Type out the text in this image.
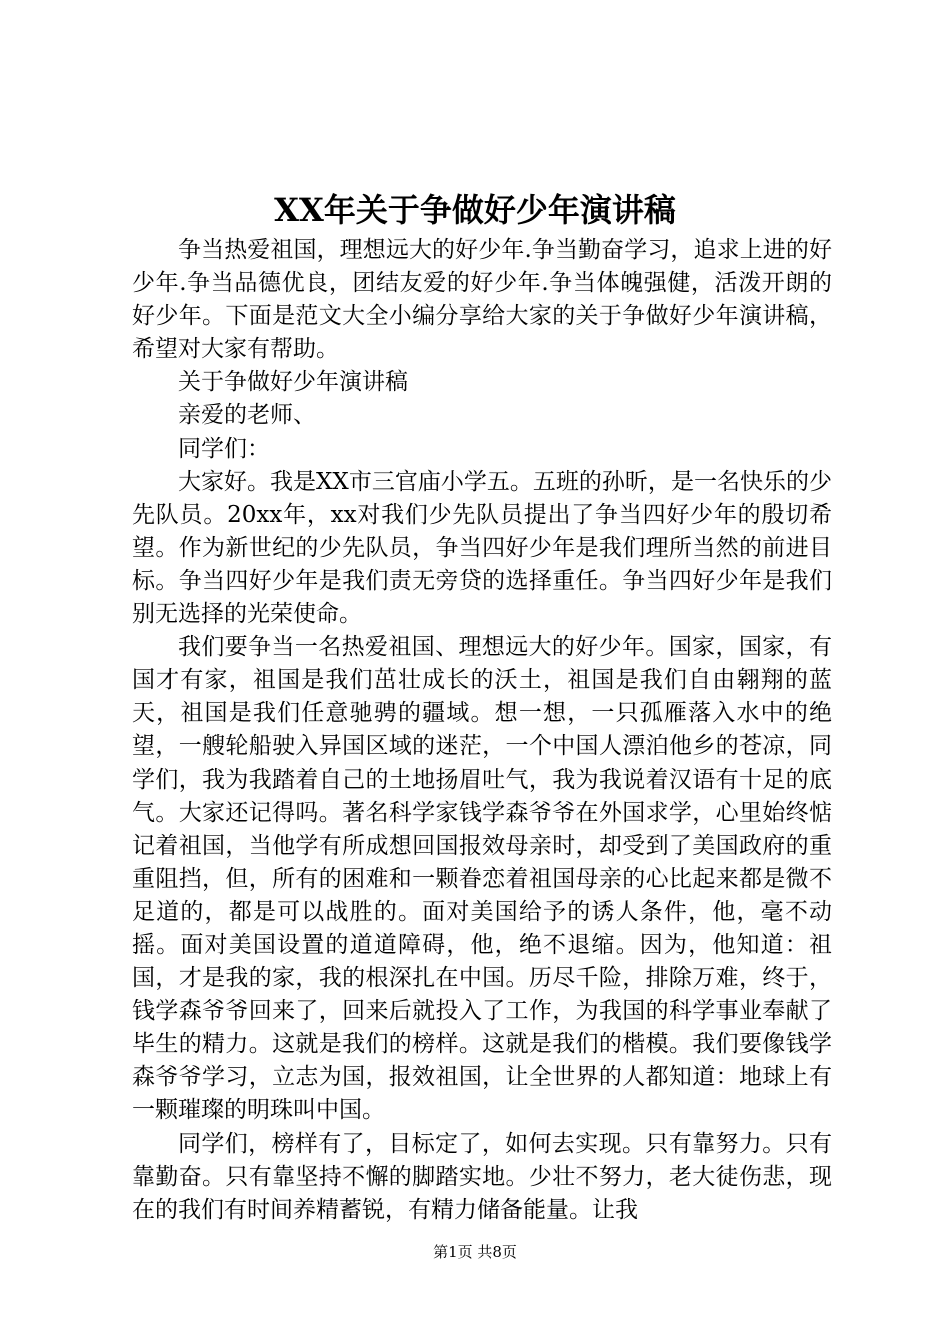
XX年关于争做好少年演讲稿

争当热爱祖国，理想远大的好少年.争当勤奋学习，追求上进的好少年.争当品德优良，团结友爱的好少年.争当体魄强健，活泼开朗的好少年。下面是范文大全小编分享给大家的关于争做好少年演讲稿，希望对大家有帮助。

关于争做好少年演讲稿

亲爱的老师、

同学们：

大家好。我是XX市三官庙小学五。五班的孙昕，是一名快乐的少先队员。20xx年，xx对我们少先队员提出了争当四好少年的殷切希望。作为新世纪的少先队员，争当四好少年是我们理所当然的前进目标。争当四好少年是我们责无旁贷的选择重任。争当四好少年是我们别无选择的光荣使命。

我们要争当一名热爱祖国、理想远大的好少年。国家，国家，有国才有家，祖国是我们茁壮成长的沃土，祖国是我们自由翱翔的蓝天，祖国是我们任意驰骋的疆域。想一想，一只孤雁落入水中的绝望，一艘轮船驶入异国区域的迷茫，一个中国人漂泊他乡的苍凉，同学们，我为我踏着自己的土地扬眉吐气，我为我说着汉语有十足的底气。大家还记得吗。著名科学家钱学森爷爷在外国求学，心里始终惦记着祖国，当他学有所成想回国报效母亲时，却受到了美国政府的重重阻挡，但，所有的困难和一颗眷恋着祖国母亲的心比起来都是微不足道的，都是可以战胜的。面对美国给予的诱人条件，他，毫不动摇。面对美国设置的道道障碍，他，绝不退缩。因为，他知道：祖国，才是我的家，我的根深扎在中国。历尽千险，排除万难，终于，钱学森爷爷回来了，回来后就投入了工作，为我国的科学事业奉献了毕生的精力。这就是我们的榜样。这就是我们的楷模。我们要像钱学森爷爷学习，立志为国，报效祖国，让全世界的人都知道：地球上有一颗璀璨的明珠叫中国。

同学们，榜样有了，目标定了，如何去实现。只有靠努力。只有靠勤奋。只有靠坚持不懈的脚踏实地。少壮不努力，老大徒伤悲，现在的我们有时间养精蓄锐，有精力储备能量。让我

第1页 共8页
